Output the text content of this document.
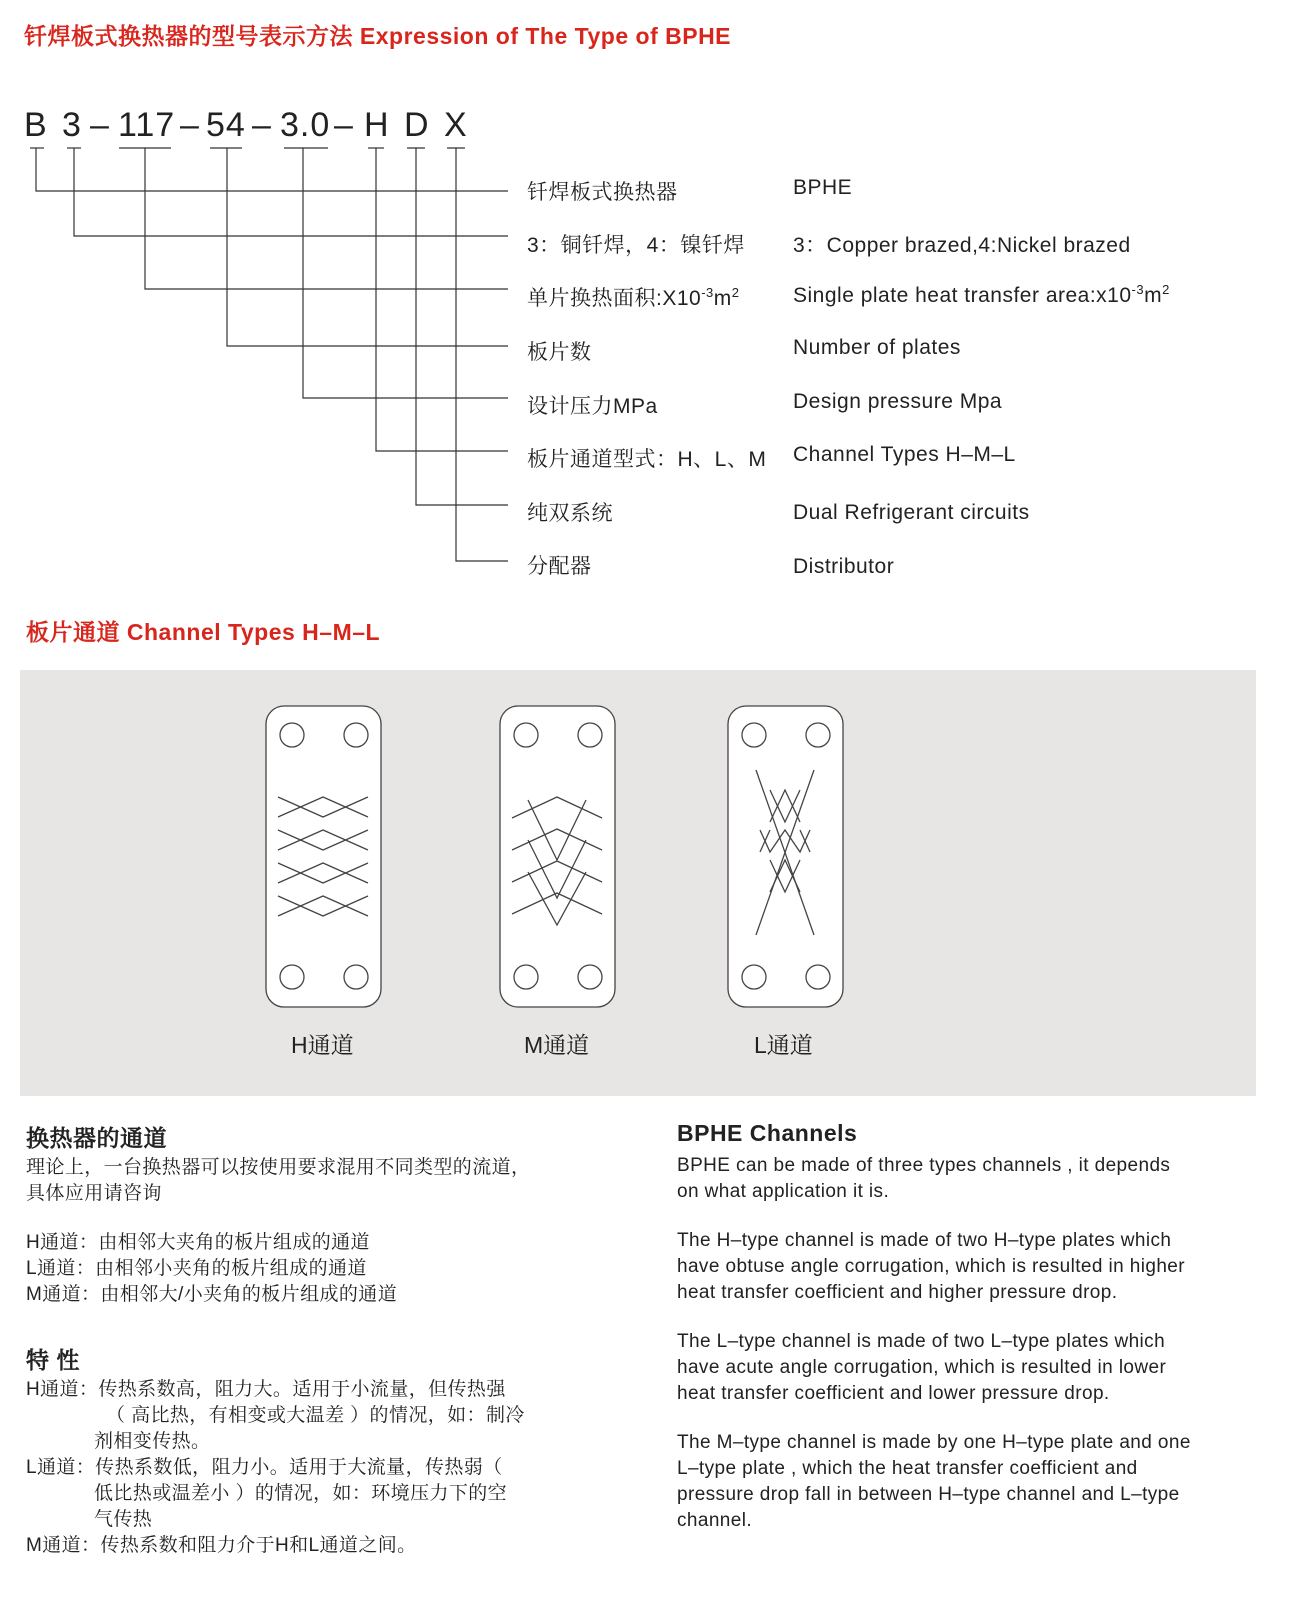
钎焊板式换热器的型号表示方法 Expression of The Type of BPHE
B 3 – 117 – 54 – 3.0 – H D X
钎焊板式换热器	BPHE
3：铜钎焊，4：镍钎焊 3：Copper brazed,4:Nickel brazed
单片换热面积$:X10^{-3}m^2$	Single plate heat transfer $area:x10^{-3}m^2$
板片数	Number of plates
设计压力MPa	Design pressure Mpa
板片通道型式：H、L、M Channel Types H–M–L
纯双系统	Dual Refrigerant circuits
分配器	Distributor
板片通道 Channel Types H–M–L
H通道	M通道	L通道
换热器的通道
理论上，一台换热器可以按使用要求混用不同类型的流道，
具体应用请咨询
H通道：由相邻大夹角的板片组成的通道
L通道：由相邻小夹角的板片组成的通道
M通道：由相邻大/小夹角的板片组成的通道
特 性
H通道：传热系数高，阻力大。适用于小流量，但传热强
（ 高比热，有相变或大温差 ）的情况，如：制冷
剂相变传热。
L通道：传热系数低，阻力小。适用于大流量，传热弱（
低比热或温差小 ）的情况，如：环境压力下的空
气传热
M通道：传热系数和阻力介于H和L通道之间。
BPHE Channels
BPHE can be made of three types channels , it depends
on what application it is.
The H–type channel is made of two H–type plates which
have obtuse angle corrugation, which is resulted in higher
heat transfer coefficient and higher pressure drop.
The L–type channel is made of two L–type plates which
have acute angle corrugation, which is resulted in lower
heat transfer coefficient and lower pressure drop.
The M–type channel is made by one H–type plate and one
L–type plate , which the heat transfer coefficient and
pressure drop fall in between H–type channel and L–type
channel.
